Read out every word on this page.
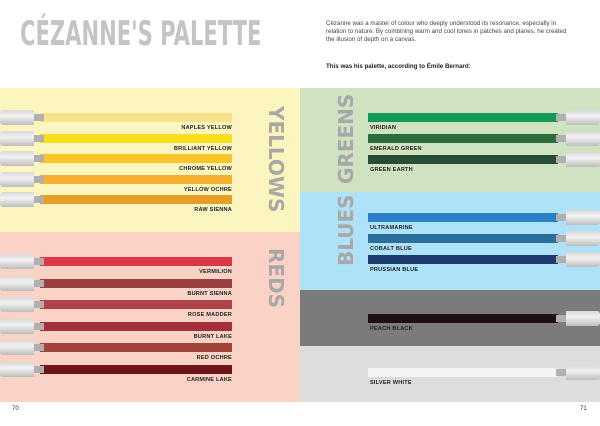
CÉZANNE'S PALETTE	Cézanne was a master of colour who deeply understood its resonance, especially in relation to nature. By combining warm and cool tones in patches and planes, he created the illusion of depth on a canvas.
This was his palette, according to Émile Bernard:
YELLOWS
REDS
NAPLES YELLOW
BRILLIANT YELLOW
CHROME YELLOW
YELLOW OCHRE
RAW SIENNA
VERMILION
BURNT SIENNA
ROSE MADDER
BURNT LAKE
RED OCHRE
CARMINE LAKE
GREENS
BLUES
VIRIDIAN
EMERALD GREEN
GREEN EARTH
ULTRAMARINE
COBALT BLUE
PRUSSIAN BLUE
PEACH BLACK
SILVER WHITE
70	71
